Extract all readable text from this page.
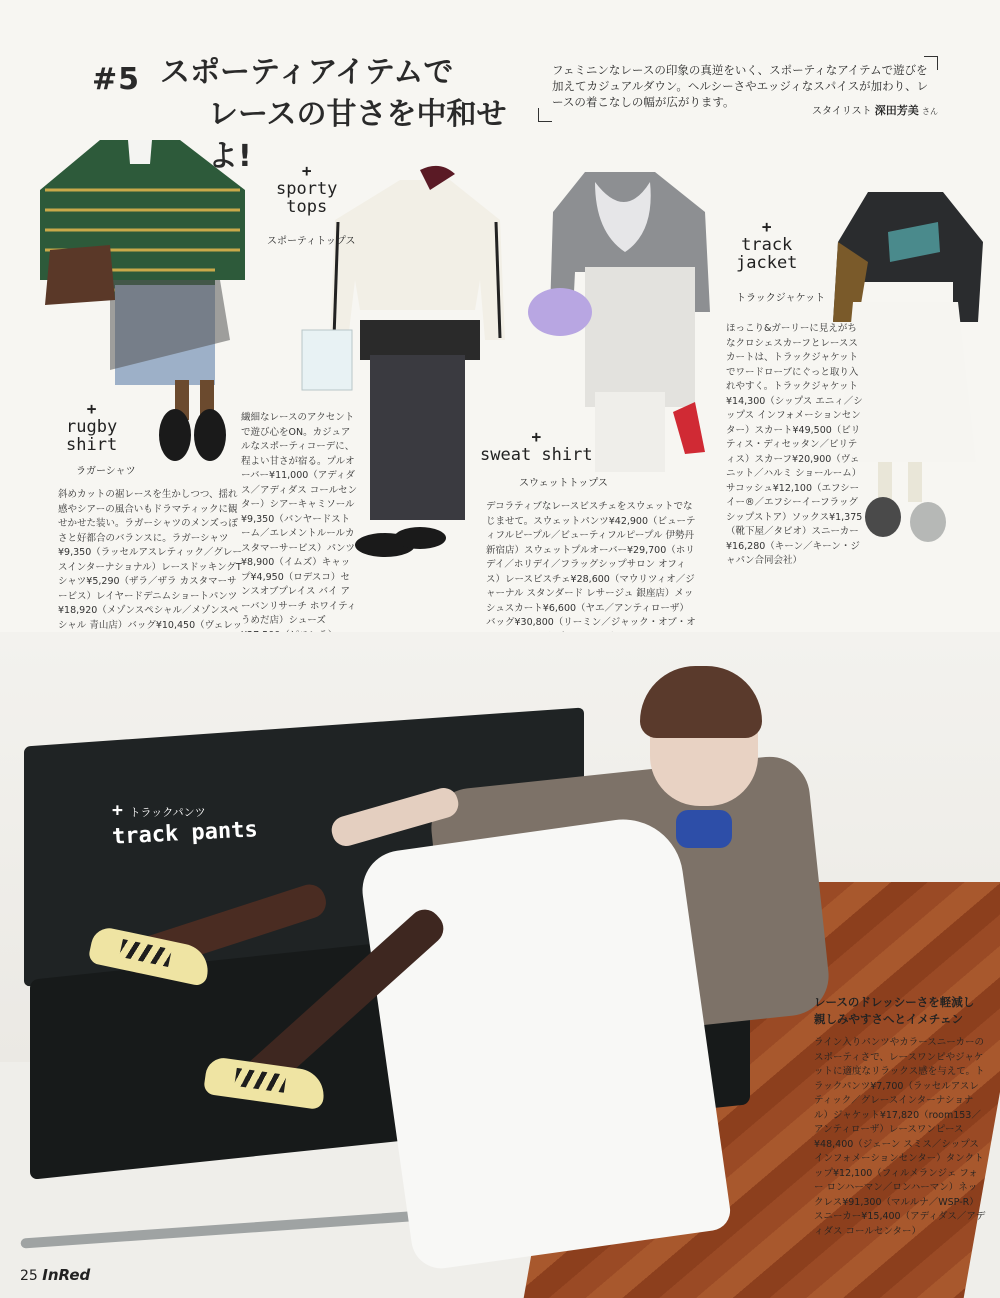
#5 スポーティアイテムで
レースの甘さを中和せよ!
フェミニンなレースの印象の真逆をいく、スポーティなアイテムで遊びを加えてカジュアルダウン。ヘルシーさやエッジィなスパイスが加わり、レースの着こなしの幅が広がります。
スタイリスト 深田芳美 さん
+
rugby
shirt
ラガーシャツ
斜めカットの裾レースを生かしつつ、揺れ感やシアーの風合いもドラマティックに観せかせた装い。ラガーシャツのメンズっぽさと好都合のバランスに。ラガーシャツ¥9,350（ラッセルアスレティック／グレースインターナショナル）レースドッキングTシャツ¥5,290（ザラ／ザラ カスタマーサービス）レイヤードデニムショートパンツ¥18,920（メゾンスペシャル／メゾンスペシャル 青山店）バッグ¥10,450（ヴェレッ
+
sporty
tops
スポーティトップス
繊細なレースのアクセントで遊び心をON。カジュアルなスポーティコーデに、程よい甘さが宿る。プルオーバー¥11,000（アディダス／アディダス コールセンター）シアーキャミソール¥9,350（バンヤードストーム／エレメントルールカスタマーサービス）パンツ¥8,900（イムズ）キャップ¥4,950（ロデスコ）センスオブプレイス バイ アーバンリサーチ ホワイティうめだ店）シューズ
+
sweat shirt
スウェットトップス
デコラティブなレースビスチェをスウェットでなじませて。スウェットパンツ¥42,900（ビューティフルピープル／ビューティフルピープル 伊勢丹新宿店）スウェットプルオーバー¥29,700（ホリデイ／ホリデイ／フラッグシップサロン オフィス）レースビスチェ¥28,600（マウリツィオ／ジャーナル スタンダード レサージュ 銀座店）メッシュスカート¥6,600（ヤエ／アンティローザ）バッグ¥30,800（リーミン／ジャック・オブ・オ
+
track
jacket
トラックジャケット
ほっこり&ガーリーに見えがちなクロシェスカーフとレーススカートは、トラックジャケットでワードローブにぐっと取り入れやすく。トラックジャケット¥14,300（シップス エニィ／シップス インフォメーションセンター）スカート¥49,500（ビリティス・ディセッタン／ビリティス）スカーフ¥20,900（ヴェニット／ハルミ ショールーム）サコッシュ¥12,100（エフシーイー®／エフシーイーフラッグシップストア）ソックス¥1,375（靴下屋／タビオ）スニーカー¥16,280（キーン／キーン・ジャパン合同会社）
+ トラックパンツ
track pants
レースのドレッシーさを軽減し
親しみやすさへとイメチェン
ライン入りパンツやカラースニーカーのスポーティさで、レースワンピやジャケットに適度なリラックス感を与えて。トラックパンツ¥7,700（ラッセルアスレティック／グレースインターナショナル）ジャケット¥17,820（room153／アンティローザ）レースワンピース¥48,400（ジェーン スミス／シップス インフォメーションセンター）タンクトップ¥12,100（フィルメランジェ フォー ロンハーマン／ロンハーマン）ネックレス¥91,300（マルルナ／WSP-R）スニーカー¥15,400（アディダス／アディダス コールセンター）
25 InRed
